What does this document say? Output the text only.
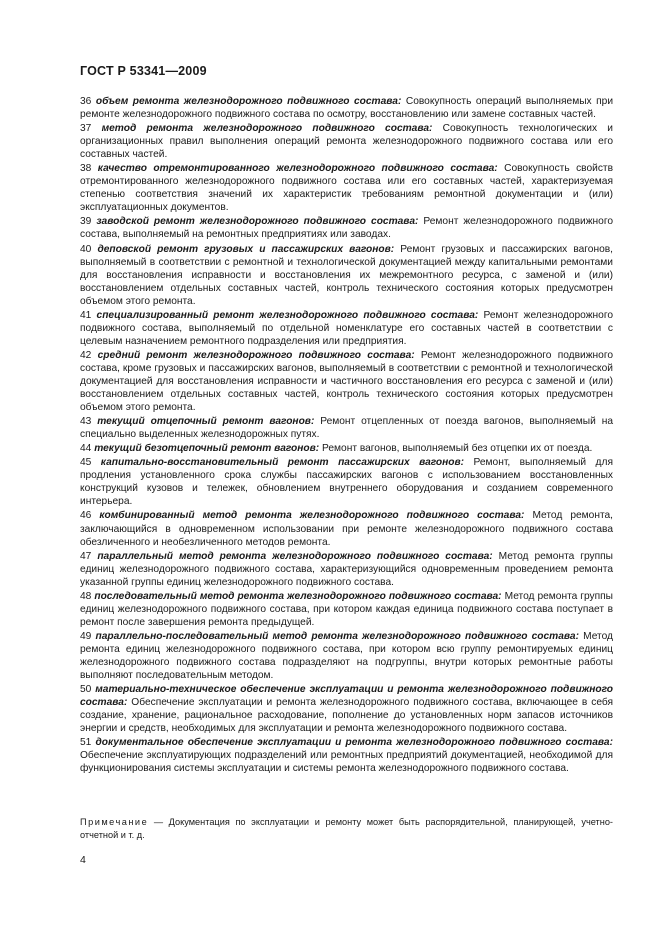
ГОСТ Р 53341—2009

36 объем ремонта железнодорожного подвижного состава: Совокупность операций выполняемых при ремонте железнодорожного подвижного состава по осмотру, восстановлению или замене составных частей.

37 метод ремонта железнодорожного подвижного состава: Совокупность технологических и организационных правил выполнения операций ремонта железнодорожного подвижного состава или его составных частей.

38 качество отремонтированного железнодорожного подвижного состава: Совокупность свойств отремонтированного железнодорожного подвижного состава или его составных частей, характеризуемая степенью соответствия значений их характеристик требованиям ремонтной документации и (или) эксплуатационных документов.

39 заводской ремонт железнодорожного подвижного состава: Ремонт железнодорожного подвижного состава, выполняемый на ремонтных предприятиях или заводах.

40 деповской ремонт грузовых и пассажирских вагонов: Ремонт грузовых и пассажирских вагонов, выполняемый в соответствии с ремонтной и технологической документацией между капитальными ремонтами для восстановления исправности и восстановления их межремонтного ресурса, с заменой и (или) восстановлением отдельных составных частей, контроль технического состояния которых предусмотрен объемом этого ремонта.

41 специализированный ремонт железнодорожного подвижного состава: Ремонт железнодорожного подвижного состава, выполняемый по отдельной номенклатуре его составных частей в соответствии с целевым назначением ремонтного подразделения или предприятия.

42 средний ремонт железнодорожного подвижного состава: Ремонт железнодорожного подвижного состава, кроме грузовых и пассажирских вагонов, выполняемый в соответствии с ремонтной и технологической документацией для восстановления исправности и частичного восстановления его ресурса с заменой и (или) восстановлением отдельных составных частей, контроль технического состояния которых предусмотрен объемом этого ремонта.

43 текущий отцепочный ремонт вагонов: Ремонт отцепленных от поезда вагонов, выполняемый на специально выделенных железнодорожных путях.

44 текущий безотцепочный ремонт вагонов: Ремонт вагонов, выполняемый без отцепки их от поезда.

45 капитально-восстановительный ремонт пассажирских вагонов: Ремонт, выполняемый для продления установленного срока службы пассажирских вагонов с использованием восстановленных конструкций кузовов и тележек, обновлением внутреннего оборудования и созданием современного интерьера.

46 комбинированный метод ремонта железнодорожного подвижного состава: Метод ремонта, заключающийся в одновременном использовании при ремонте железнодорожного подвижного состава обезличенного и необезличенного методов ремонта.

47 параллельный метод ремонта железнодорожного подвижного состава: Метод ремонта группы единиц железнодорожного подвижного состава, характеризующийся одновременным проведением ремонта указанной группы единиц железнодорожного подвижного состава.

48 последовательный метод ремонта железнодорожного подвижного состава: Метод ремонта группы единиц железнодорожного подвижного состава, при котором каждая единица подвижного состава поступает в ремонт после завершения ремонта предыдущей.

49 параллельно-последовательный метод ремонта железнодорожного подвижного состава: Метод ремонта единиц железнодорожного подвижного состава, при котором всю группу ремонтируемых единиц железнодорожного подвижного состава подразделяют на подгруппы, внутри которых ремонтные работы выполняют последовательным методом.

50 материально-техническое обеспечение эксплуатации и ремонта железнодорожного подвижного состава: Обеспечение эксплуатации и ремонта железнодорожного подвижного состава, включающее в себя создание, хранение, рациональное расходование, пополнение до установленных норм запасов источников энергии и средств, необходимых для эксплуатации и ремонта железнодорожного подвижного состава.

51 документальное обеспечение эксплуатации и ремонта железнодорожного подвижного состава: Обеспечение эксплуатирующих подразделений или ремонтных предприятий документацией, необходимой для функционирования системы эксплуатации и системы ремонта железнодорожного подвижного состава.

Примечание — Документация по эксплуатации и ремонту может быть распорядительной, планирующей, учетно-отчетной и т. д.
4
